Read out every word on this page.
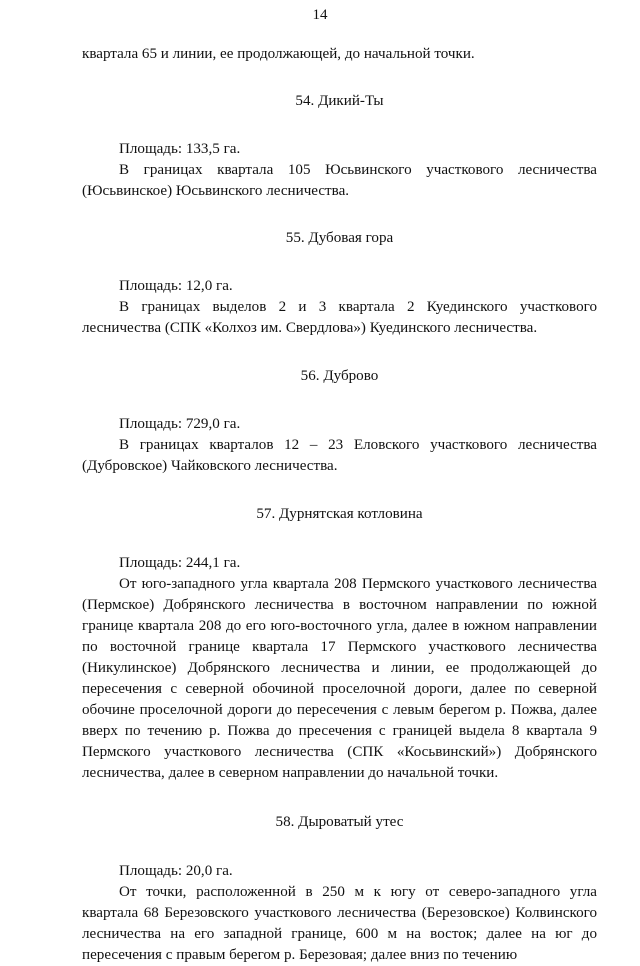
14

квартала 65 и линии, ее продолжающей, до начальной точки.

54. Дикий-Ты

Площадь: 133,5 га.

В границах квартала 105 Юсьвинского участкового лесничества (Юсьвинское) Юсьвинского лесничества.

55. Дубовая гора

Площадь: 12,0 га.

В границах выделов 2 и 3 квартала 2 Куединского участкового лесничества (СПК «Колхоз им. Свердлова») Куединского лесничества.

56. Дуброво

Площадь: 729,0 га.

В границах кварталов 12 – 23 Еловского участкового лесничества (Дубровское) Чайковского лесничества.

57. Дурнятская котловина

Площадь: 244,1 га.

От юго-западного угла квартала 208 Пермского участкового лесничества (Пермское) Добрянского лесничества в восточном направлении по южной границе квартала 208 до его юго-восточного угла, далее в южном направлении по восточной границе квартала 17 Пермского участкового лесничества (Никулинское) Добрянского лесничества и линии, ее продолжающей до пересечения с северной обочиной проселочной дороги, далее по северной обочине проселочной дороги до пересечения с левым берегом р. Пожва, далее вверх по течению р. Пожва до пресечения с границей выдела 8 квартала 9 Пермского участкового лесничества (СПК «Косьвинский») Добрянского лесничества, далее в северном направлении до начальной точки.

58. Дыроватый утес

Площадь: 20,0 га.

От точки, расположенной в 250 м к югу от северо-западного угла квартала 68 Березовского участкового лесничества (Березовское) Колвинского лесничества на его западной границе, 600 м на восток; далее на юг до пересечения с правым берегом р. Березовая; далее вниз по течению
